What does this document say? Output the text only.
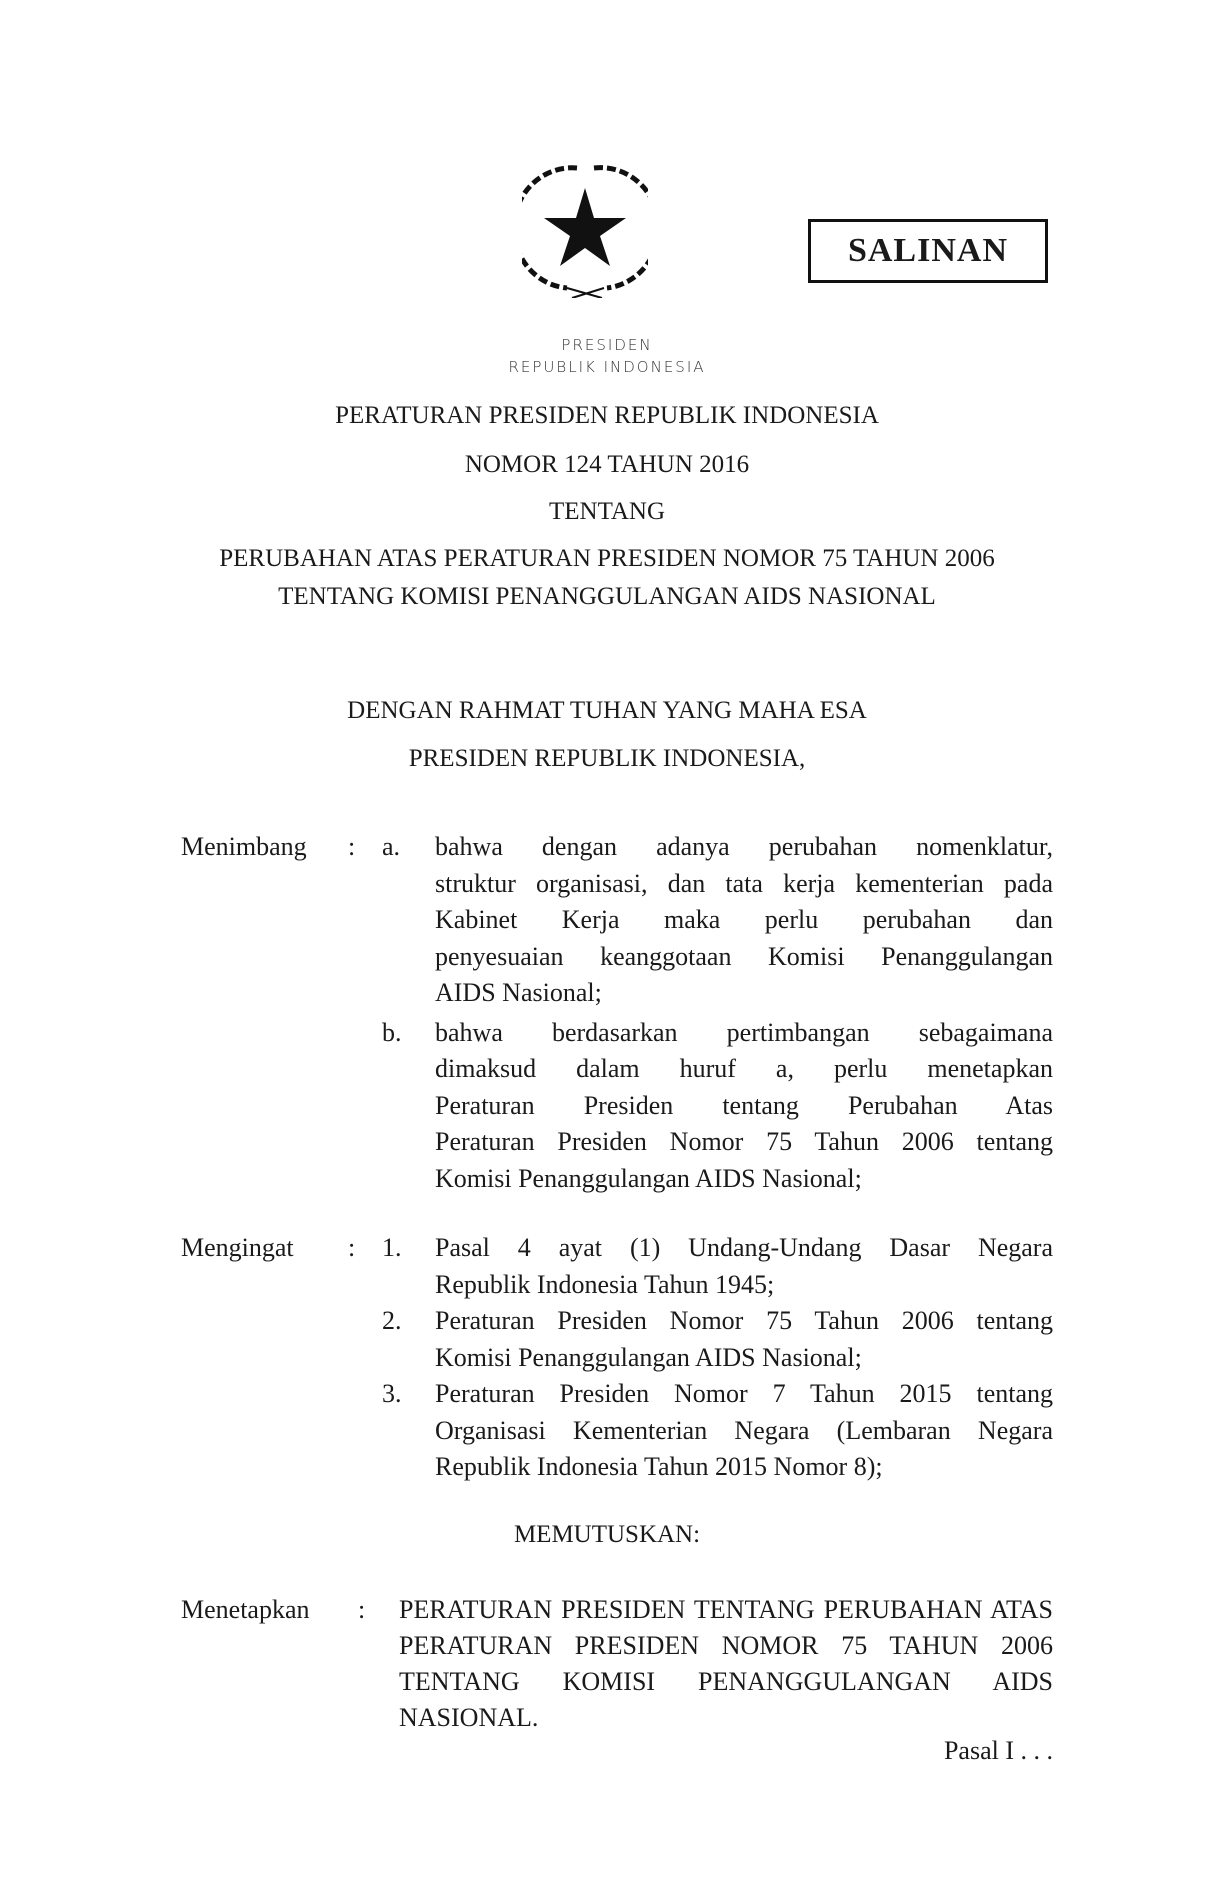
SALINAN
PRESIDEN
REPUBLIK INDONESIA
PERATURAN PRESIDEN REPUBLIK INDONESIA
NOMOR 124 TAHUN 2016
TENTANG
PERUBAHAN ATAS PERATURAN PRESIDEN NOMOR 75 TAHUN 2006
TENTANG KOMISI PENANGGULANGAN AIDS NASIONAL
DENGAN RAHMAT TUHAN YANG MAHA ESA
PRESIDEN REPUBLIK INDONESIA,
Menimbang : a. bahwa dengan adanya perubahan nomenklatur,
struktur organisasi, dan tata kerja kementerian pada
Kabinet Kerja maka perlu perubahan dan
penyesuaian keanggotaan Komisi Penanggulangan
AIDS Nasional;
b. bahwa berdasarkan pertimbangan sebagaimana
dimaksud dalam huruf a, perlu menetapkan
Peraturan Presiden tentang Perubahan Atas
Peraturan Presiden Nomor 75 Tahun 2006 tentang
Komisi Penanggulangan AIDS Nasional;
Mengingat : 1. Pasal 4 ayat (1) Undang-Undang Dasar Negara
Republik Indonesia Tahun 1945;
2. Peraturan Presiden Nomor 75 Tahun 2006 tentang
Komisi Penanggulangan AIDS Nasional;
3. Peraturan Presiden Nomor 7 Tahun 2015 tentang
Organisasi Kementerian Negara (Lembaran Negara
Republik Indonesia Tahun 2015 Nomor 8);
Menetapkan : PERATURAN PRESIDEN TENTANG PERUBAHAN ATAS
PERATURAN PRESIDEN NOMOR 75 TAHUN 2006
TENTANG KOMISI PENANGGULANGAN AIDS
NASIONAL.
MEMUTUSKAN:
Pasal I . . .
